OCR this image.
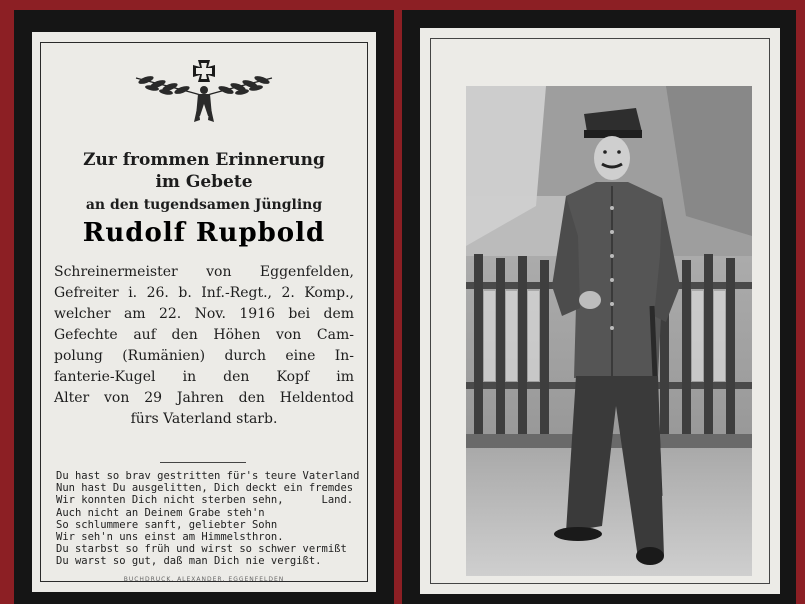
Zur frommen Erinnerung
im Gebete
an den tugendsamen Jüngling
Rudolf Rupbold
Schreinermeister von Eggenfelden,
Gefreiter i. 26. b. Inf.-Regt., 2. Komp.,
welcher am 22. Nov. 1916 bei dem
Gefechte auf den Höhen von Cam-
polung (Rumänien) durch eine In-
fanterie-Kugel in den Kopf im
Alter von 29 Jahren den Heldentod
fürs Vaterland starb.
Du hast so brav gestritten für's teure Vaterland
Nun hast Du ausgelitten, Dich deckt ein fremdes
Wir konnten Dich nicht sterben sehn,      Land.
Auch nicht an Deinem Grabe steh'n
So schlummere sanft, geliebter Sohn
Wir seh'n uns einst am Himmelsthron.
Du starbst so früh und wirst so schwer vermißt
Du warst so gut, daß man Dich nie vergißt.
BUCHDRUCK. ALEXANDER, EGGENFELDEN
